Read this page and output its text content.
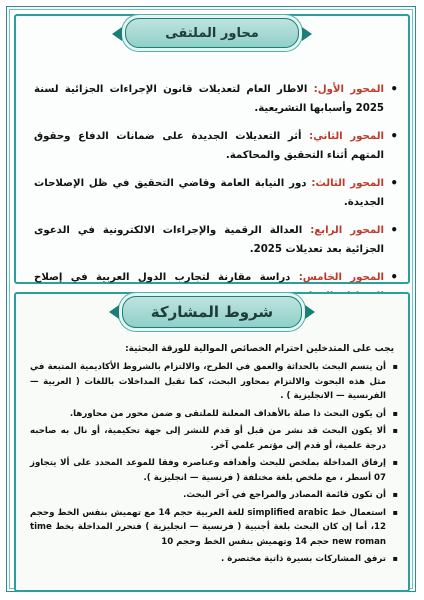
محاور الملتقى
• المحور الأول: الاطار العام لتعديلات قانون الإجراءات الجزائية لسنة 2025 وأسبابها التشريعية.
• المحور الثاني: أثر التعديلات الجديدة على ضمانات الدفاع وحقوق المتهم أثناء التحقيق والمحاكمة.
• المحور الثالث: دور النيابة العامة وقاضي التحقيق في ظل الإصلاحات الجديدة.
• المحور الرابع: العدالة الرقمية والإجراءات الالكترونية في الدعوى الجزائية بعد تعديلات 2025.
• المحور الخامس: دراسة مقارنة لتجارب الدول العربية في إصلاح
شروط المشاركة

يجب على المتدخلين احترام الخصائص الموالية للورقة البحثية:

▪ أن يتسم البحث بالحداثة والعمق في الطرح، والالتزام بالشروط الأكاديمية المتبعة في مثل هذه البحوث والالتزام بمحاور البحث، كما تقبل المداخلات باللغات ( العربية — الفرنسية — الانجليزية ) .
▪ أن يكون البحث ذا صلة بالأهداف المعلنة للملتقى و ضمن محور من محاورها.
▪ ألا يكون البحث قد نشر من قبل أو قدم للنشر إلى جهة تحكيمية، أو نال به صاحبه درجة علمية، أو قدم إلى مؤتمر علمي آخر.
▪ إرفاق المداخلة بملخص للبحث وأهدافه وعناصره وفقا للموعد المحدد على ألا يتجاوز 07 أسطر ، مع ملخص بلغة مختلفة ( فرنسية — انجليزية ).
▪ أن تكون قائمة المصادر والمراجع في آخر البحث.
▪ استعمال خط simplified arabic للغة العربية حجم 14 مع تهميش بنفس الخط وحجم 12، أما إن كان البحث بلغة أجنبية ( فرنسية — انجليزية ) فتحرر المداخلة بخط time new roman حجم 14 وتهميش بنفس الخط وحجم 10
▪ ترفق المشاركات بسيرة ذاتية مختصرة .
